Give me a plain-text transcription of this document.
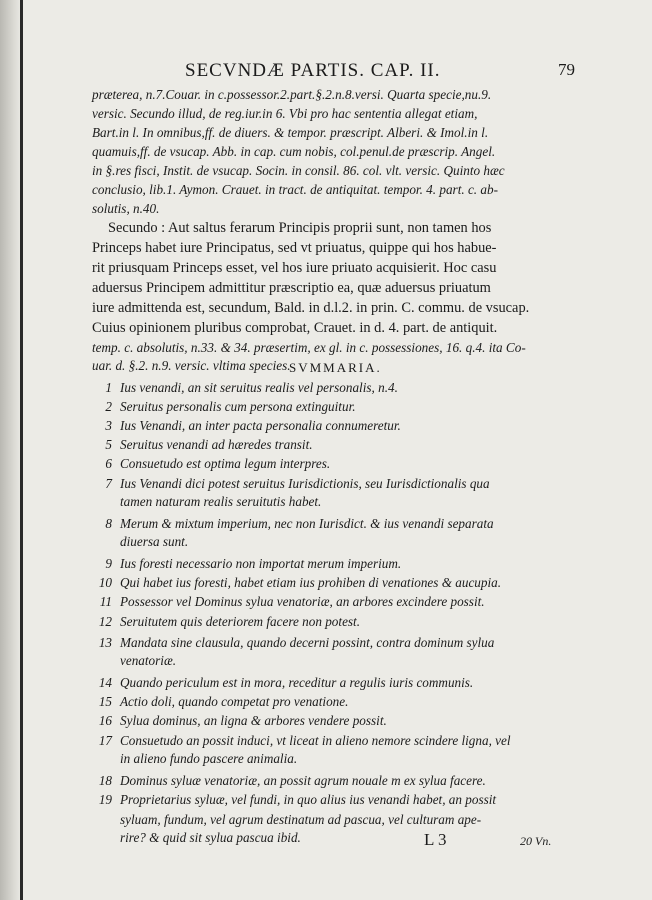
SECVNDÆ PARTIS. CAP. II.	79
præterea, n.7.Couar. in c.possessor.2.part.§.2.n.8.versi. Quarta specie,nu.9.
versic. Secundo illud, de reg.iur.in 6. Vbi pro hac sententia allegat etiam,
Bart.in l. In omnibus,ff. de diuers. & tempor. præscript. Alberi. & Imol.in l.
quamuis,ff. de vsucap. Abb. in cap. cum nobis, col.penul.de præscrip. Angel.
in §.res fisci, Instit. de vsucap. Socin. in consil. 86. col. vlt. versic. Quinto hæc
conclusio, lib.1. Aymon. Crauet. in tract. de antiquitat. tempor. 4. part. c. ab-
solutis, n.40.
Secundo : Aut saltus ferarum Principis proprii sunt, non tamen hos
Princeps habet iure Principatus, sed vt priuatus, quippe qui hos habue-
rit priusquam Princeps esset, vel hos iure priuato acquisierit. Hoc casu
aduersus Principem admittitur præscriptio ea, quæ aduersus priuatum
iure admittenda est, secundum, Bald. in d.l.2. in prin. C. commu. de vsucap.
Cuius opinionem pluribus comprobat, Crauet. in d. 4. part. de antiquit.
temp. c. absolutis, n.33. & 34. præsertim, ex gl. in c. possessiones, 16. q.4. ita Co-
uar. d. §.2. n.9. versic. vltima species.
SVMMARIA.
1 Ius venandi, an sit seruitus realis vel personalis, n.4.
2 Seruitus personalis cum persona extinguitur.
3 Ius Venandi, an inter pacta personalia connumeretur.
5 Seruitus venandi ad hæredes transit.
6 Consuetudo est optima legum interpres.
7 Ius Venandi dici potest seruitus Iurisdictionis, seu Iurisdictionalis qua
tamen naturam realis seruitutis habet.
8 Merum & mixtum imperium, nec non Iurisdict. & ius venandi separata
diuersa sunt.
9 Ius foresti necessario non importat merum imperium.
10 Qui habet ius foresti, habet etiam ius prohiben di venationes & aucupia.
11 Possessor vel Dominus sylua venatoriæ, an arbores excindere possit.
12 Seruitutem quis deteriorem facere non potest.
13 Mandata sine clausula, quando decerni possint, contra dominum sylua
venatoriæ.
14 Quando periculum est in mora, receditur a regulis iuris communis.
15 Actio doli, quando competat pro venatione.
16 Sylua dominus, an ligna & arbores vendere possit.
17 Consuetudo an possit induci, vt liceat in alieno nemore scindere ligna, vel
in alieno fundo pascere animalia.
18 Dominus syluæ venatoriæ, an possit agrum nouale m ex sylua facere.
19 Proprietarius syluæ, vel fundi, in quo alius ius venandi habet, an possit
syluam, fundum, vel agrum destinatum ad pascua, vel culturam ape-
rire? & quid sit sylua pascua ibid.	L 3	20 Vn.
